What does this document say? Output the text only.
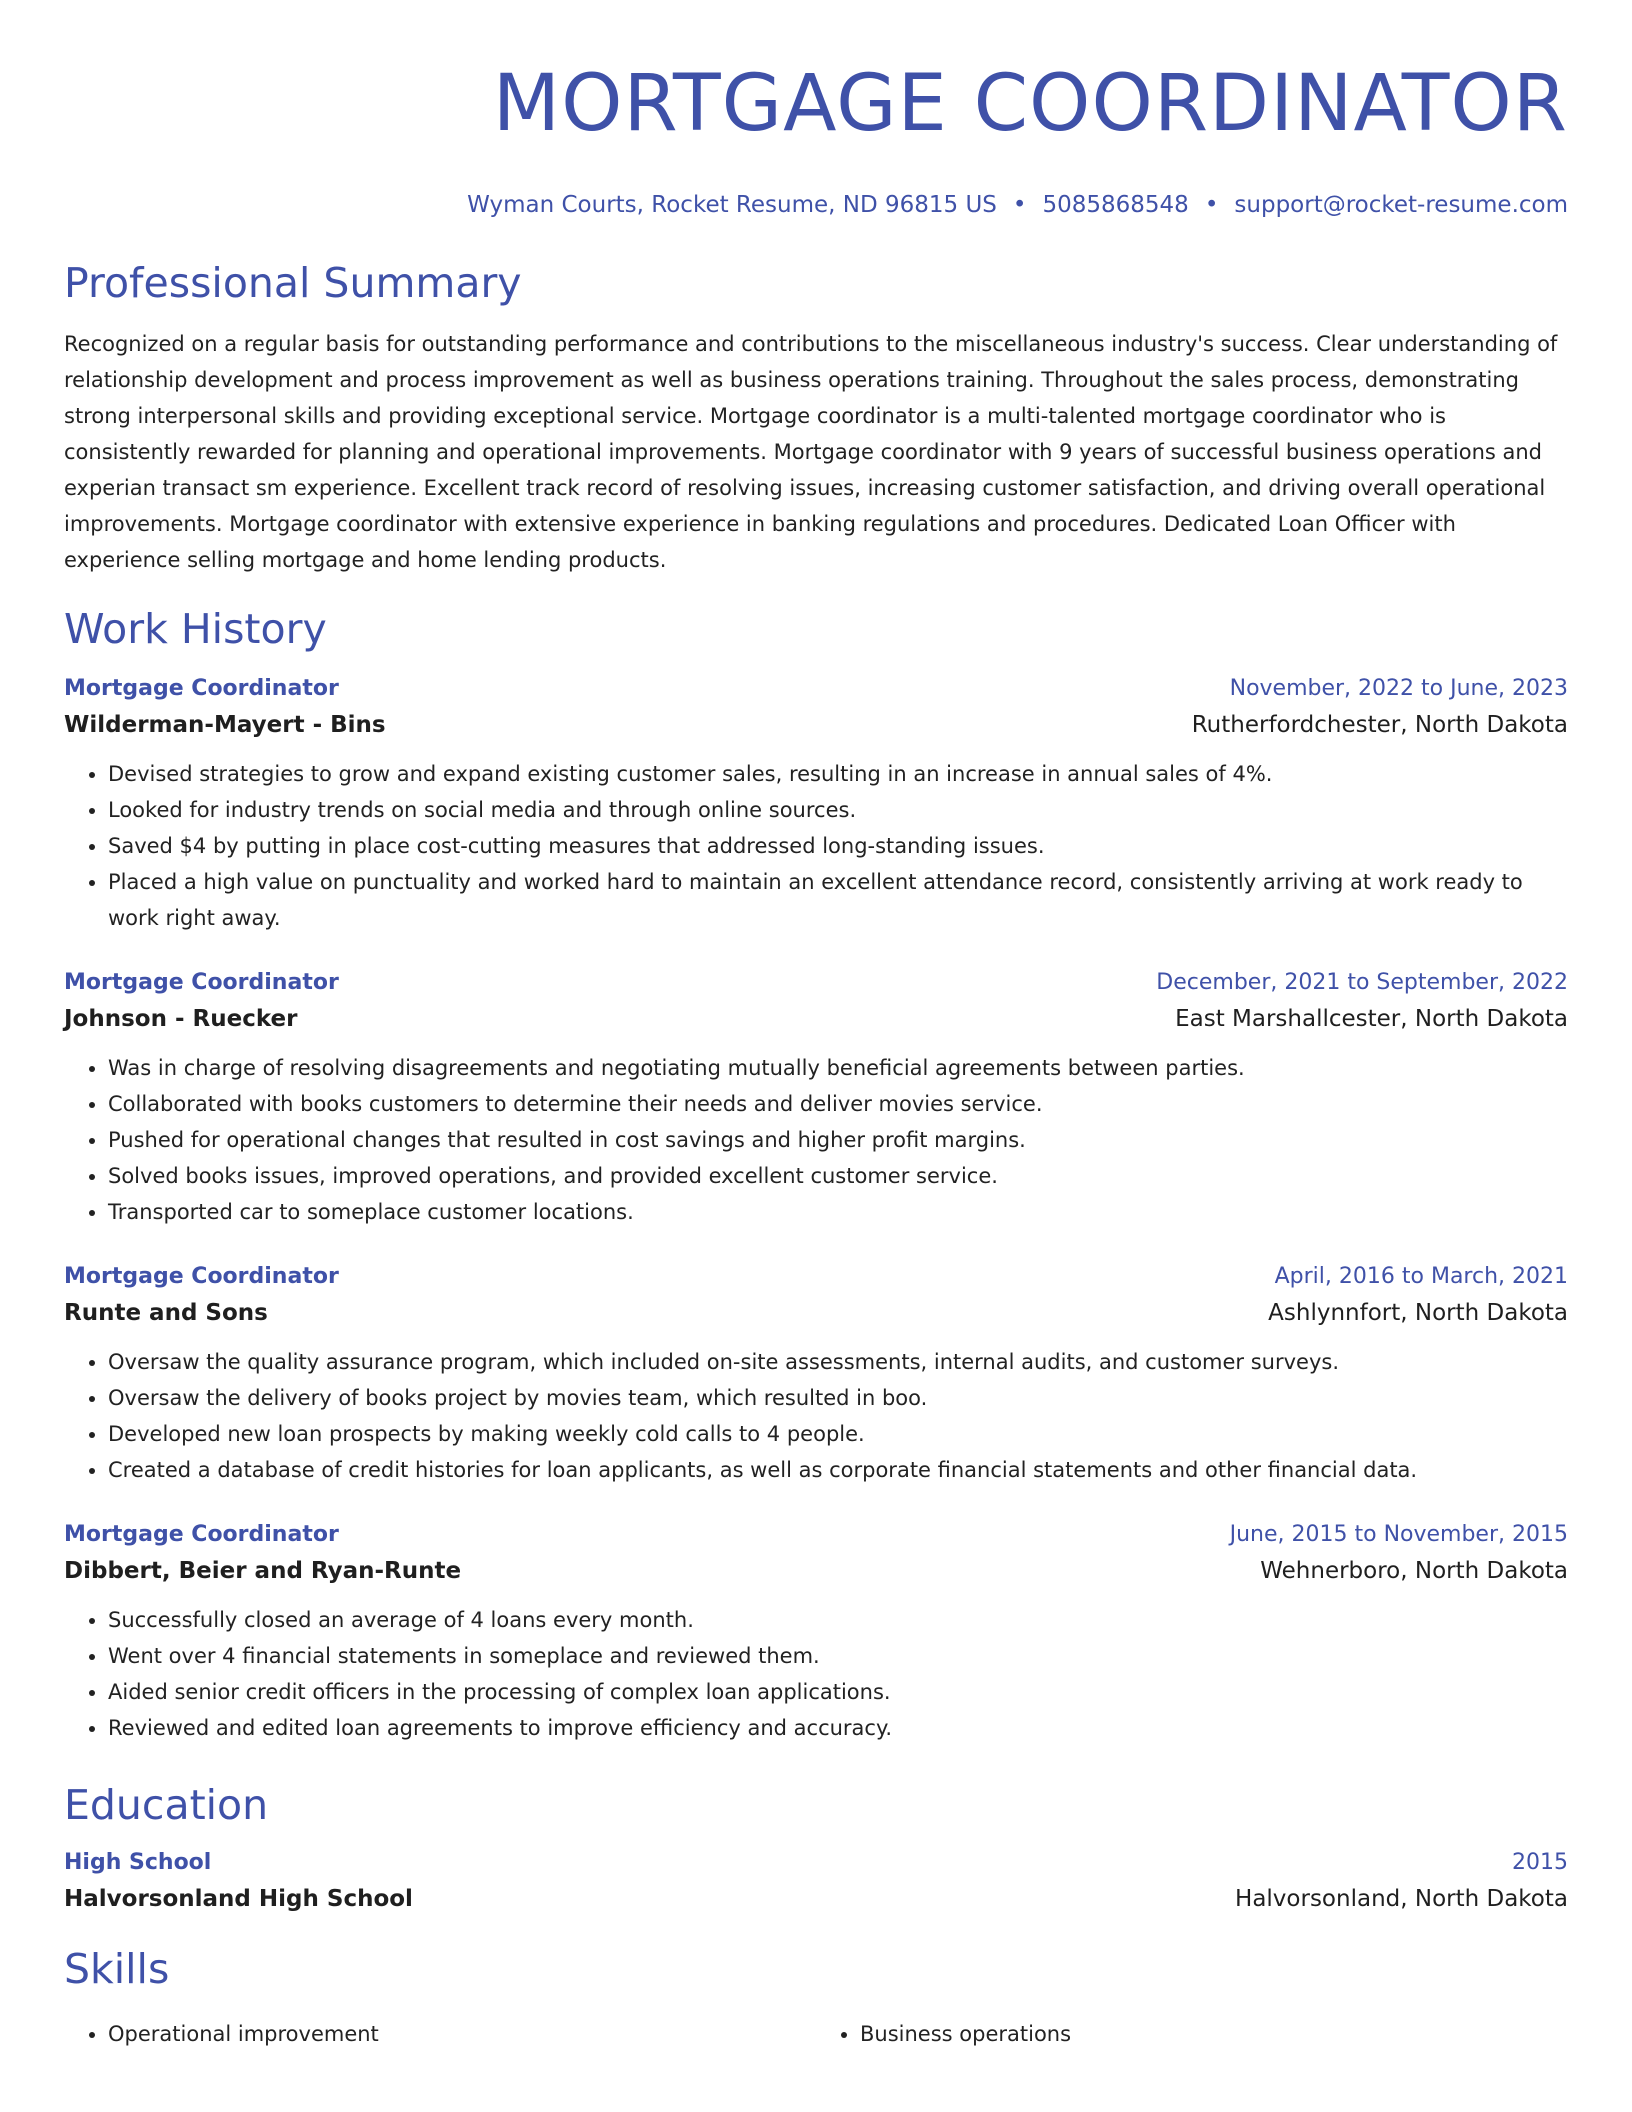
MORTGAGE COORDINATOR
Wyman Courts, Rocket Resume, ND 96815 US • 5085868548 • support@rocket-resume.com
Professional Summary
Recognized on a regular basis for outstanding performance and contributions to the miscellaneous industry's success. Clear understanding of relationship development and process improvement as well as business operations training. Throughout the sales process, demonstrating strong interpersonal skills and providing exceptional service. Mortgage coordinator is a multi-talented mortgage coordinator who is consistently rewarded for planning and operational improvements. Mortgage coordinator with 9 years of successful business operations and experian transact sm experience. Excellent track record of resolving issues, increasing customer satisfaction, and driving overall operational improvements. Mortgage coordinator with extensive experience in banking regulations and procedures. Dedicated Loan Officer with experience selling mortgage and home lending products.
Work History
Mortgage Coordinator	November, 2022 to June, 2023
Wilderman-Mayert - Bins	Rutherfordchester, North Dakota
• Devised strategies to grow and expand existing customer sales, resulting in an increase in annual sales of 4%.
• Looked for industry trends on social media and through online sources.
• Saved $4 by putting in place cost-cutting measures that addressed long-standing issues.
• Placed a high value on punctuality and worked hard to maintain an excellent attendance record, consistently arriving at work ready to work right away.
Mortgage Coordinator	December, 2021 to September, 2022
Johnson - Ruecker	East Marshallcester, North Dakota
• Was in charge of resolving disagreements and negotiating mutually beneficial agreements between parties.
• Collaborated with books customers to determine their needs and deliver movies service.
• Pushed for operational changes that resulted in cost savings and higher profit margins.
• Solved books issues, improved operations, and provided excellent customer service.
• Transported car to someplace customer locations.
Mortgage Coordinator	April, 2016 to March, 2021
Runte and Sons	Ashlynnfort, North Dakota
• Oversaw the quality assurance program, which included on-site assessments, internal audits, and customer surveys.
• Oversaw the delivery of books project by movies team, which resulted in boo.
• Developed new loan prospects by making weekly cold calls to 4 people.
• Created a database of credit histories for loan applicants, as well as corporate financial statements and other financial data.
Mortgage Coordinator	June, 2015 to November, 2015
Dibbert, Beier and Ryan-Runte	Wehnerboro, North Dakota
• Successfully closed an average of 4 loans every month.
• Went over 4 financial statements in someplace and reviewed them.
• Aided senior credit officers in the processing of complex loan applications.
• Reviewed and edited loan agreements to improve efficiency and accuracy.
Education
High School	2015
Halvorsonland High School	Halvorsonland, North Dakota
Skills
• Operational improvement
•	Business operations
